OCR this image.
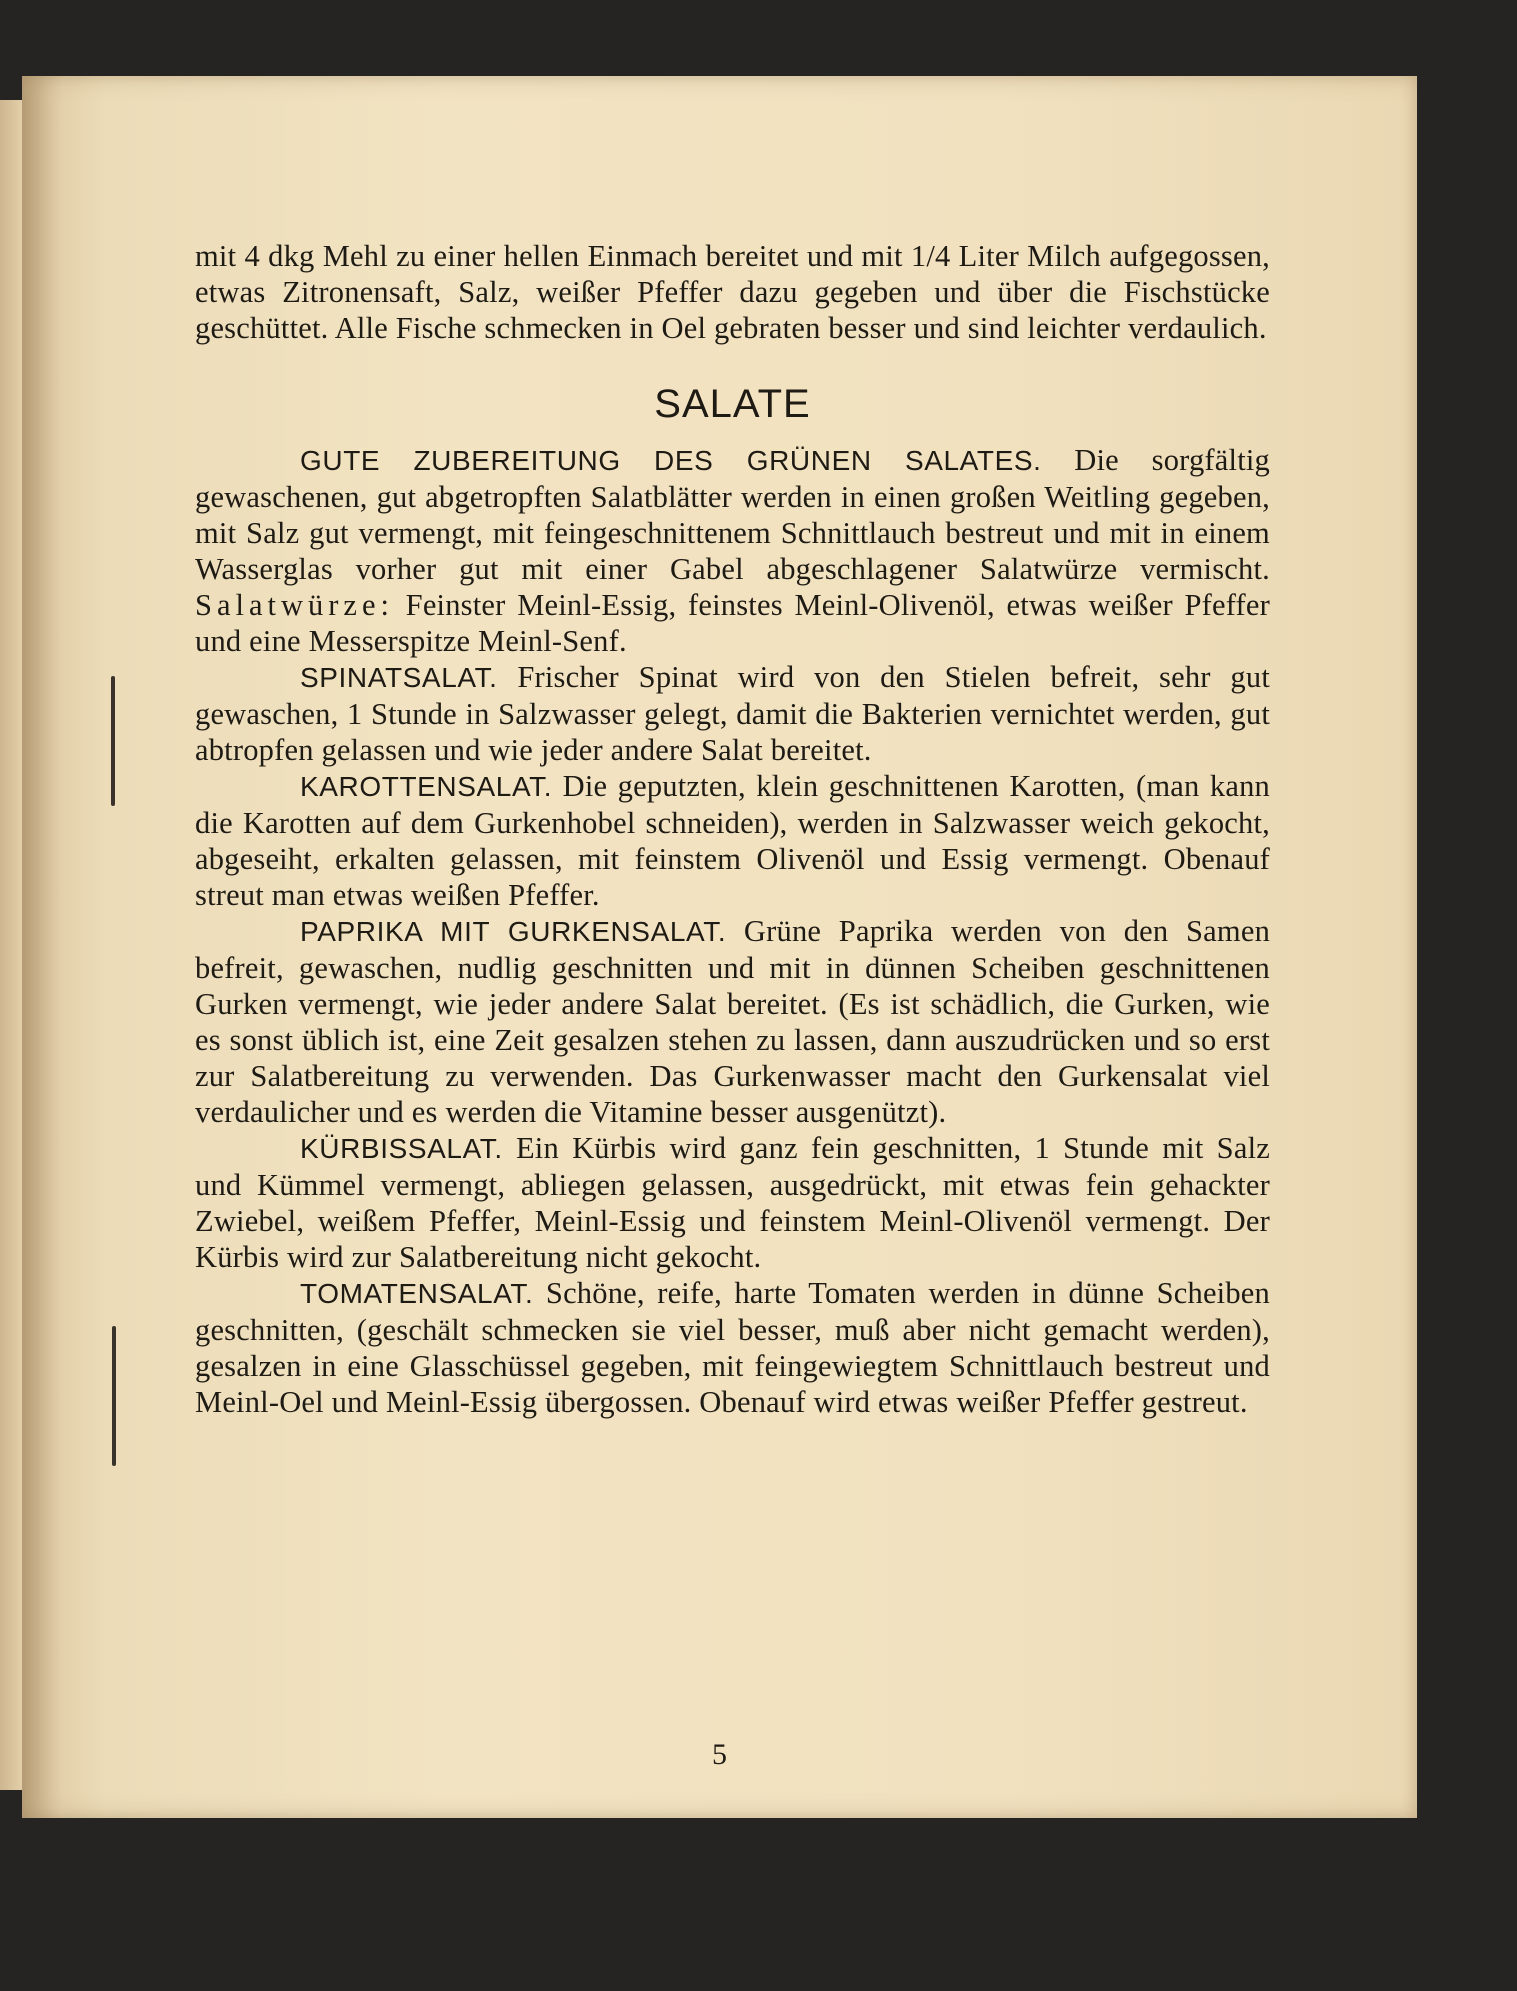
5

mit 4 dkg Mehl zu einer hellen Einmach bereitet und mit 1/4 Liter Milch aufgegossen, etwas Zitronensaft, Salz, weißer Pfeffer dazu gegeben und über die Fischstücke geschüttet. Alle Fische schmecken in Oel gebraten besser und sind leichter verdaulich.

SALATE

GUTE ZUBEREITUNG DES GRÜNEN SALATES. Die sorgfältig gewaschenen, gut abgetropften Salatblätter werden in einen großen Weitling gegeben, mit Salz gut vermengt, mit feingeschnittenem Schnittlauch bestreut und mit in einem Wasserglas vorher gut mit einer Gabel abgeschlagener Salatwürze vermischt. Salatwürze: Feinster Meinl-Essig, feinstes Meinl-Olivenöl, etwas weißer Pfeffer und eine Messerspitze Meinl-Senf.

SPINATSALAT. Frischer Spinat wird von den Stielen befreit, sehr gut gewaschen, 1 Stunde in Salzwasser gelegt, damit die Bakterien vernichtet werden, gut abtropfen gelassen und wie jeder andere Salat bereitet.

KAROTTENSALAT. Die geputzten, klein geschnittenen Karotten, (man kann die Karotten auf dem Gurkenhobel schneiden), werden in Salzwasser weich gekocht, abgeseiht, erkalten gelassen, mit feinstem Olivenöl und Essig vermengt. Obenauf streut man etwas weißen Pfeffer.

PAPRIKA MIT GURKENSALAT. Grüne Paprika werden von den Samen befreit, gewaschen, nudlig geschnitten und mit in dünnen Scheiben geschnittenen Gurken vermengt, wie jeder andere Salat bereitet. (Es ist schädlich, die Gurken, wie es sonst üblich ist, eine Zeit gesalzen stehen zu lassen, dann auszudrücken und so erst zur Salatbereitung zu verwenden. Das Gurkenwasser macht den Gurkensalat viel verdaulicher und es werden die Vitamine besser ausgenützt).

KÜRBISSALAT. Ein Kürbis wird ganz fein geschnitten, 1 Stunde mit Salz und Kümmel vermengt, abliegen gelassen, ausgedrückt, mit etwas fein gehackter Zwiebel, weißem Pfeffer, Meinl-Essig und feinstem Meinl-Olivenöl vermengt. Der Kürbis wird zur Salatbereitung nicht gekocht.

TOMATENSALAT. Schöne, reife, harte Tomaten werden in dünne Scheiben geschnitten, (geschält schmecken sie viel besser, muß aber nicht gemacht werden), gesalzen in eine Glasschüssel gegeben, mit feingewiegtem Schnittlauch bestreut und Meinl-Oel und Meinl-Essig übergossen. Obenauf wird etwas weißer Pfeffer gestreut.
